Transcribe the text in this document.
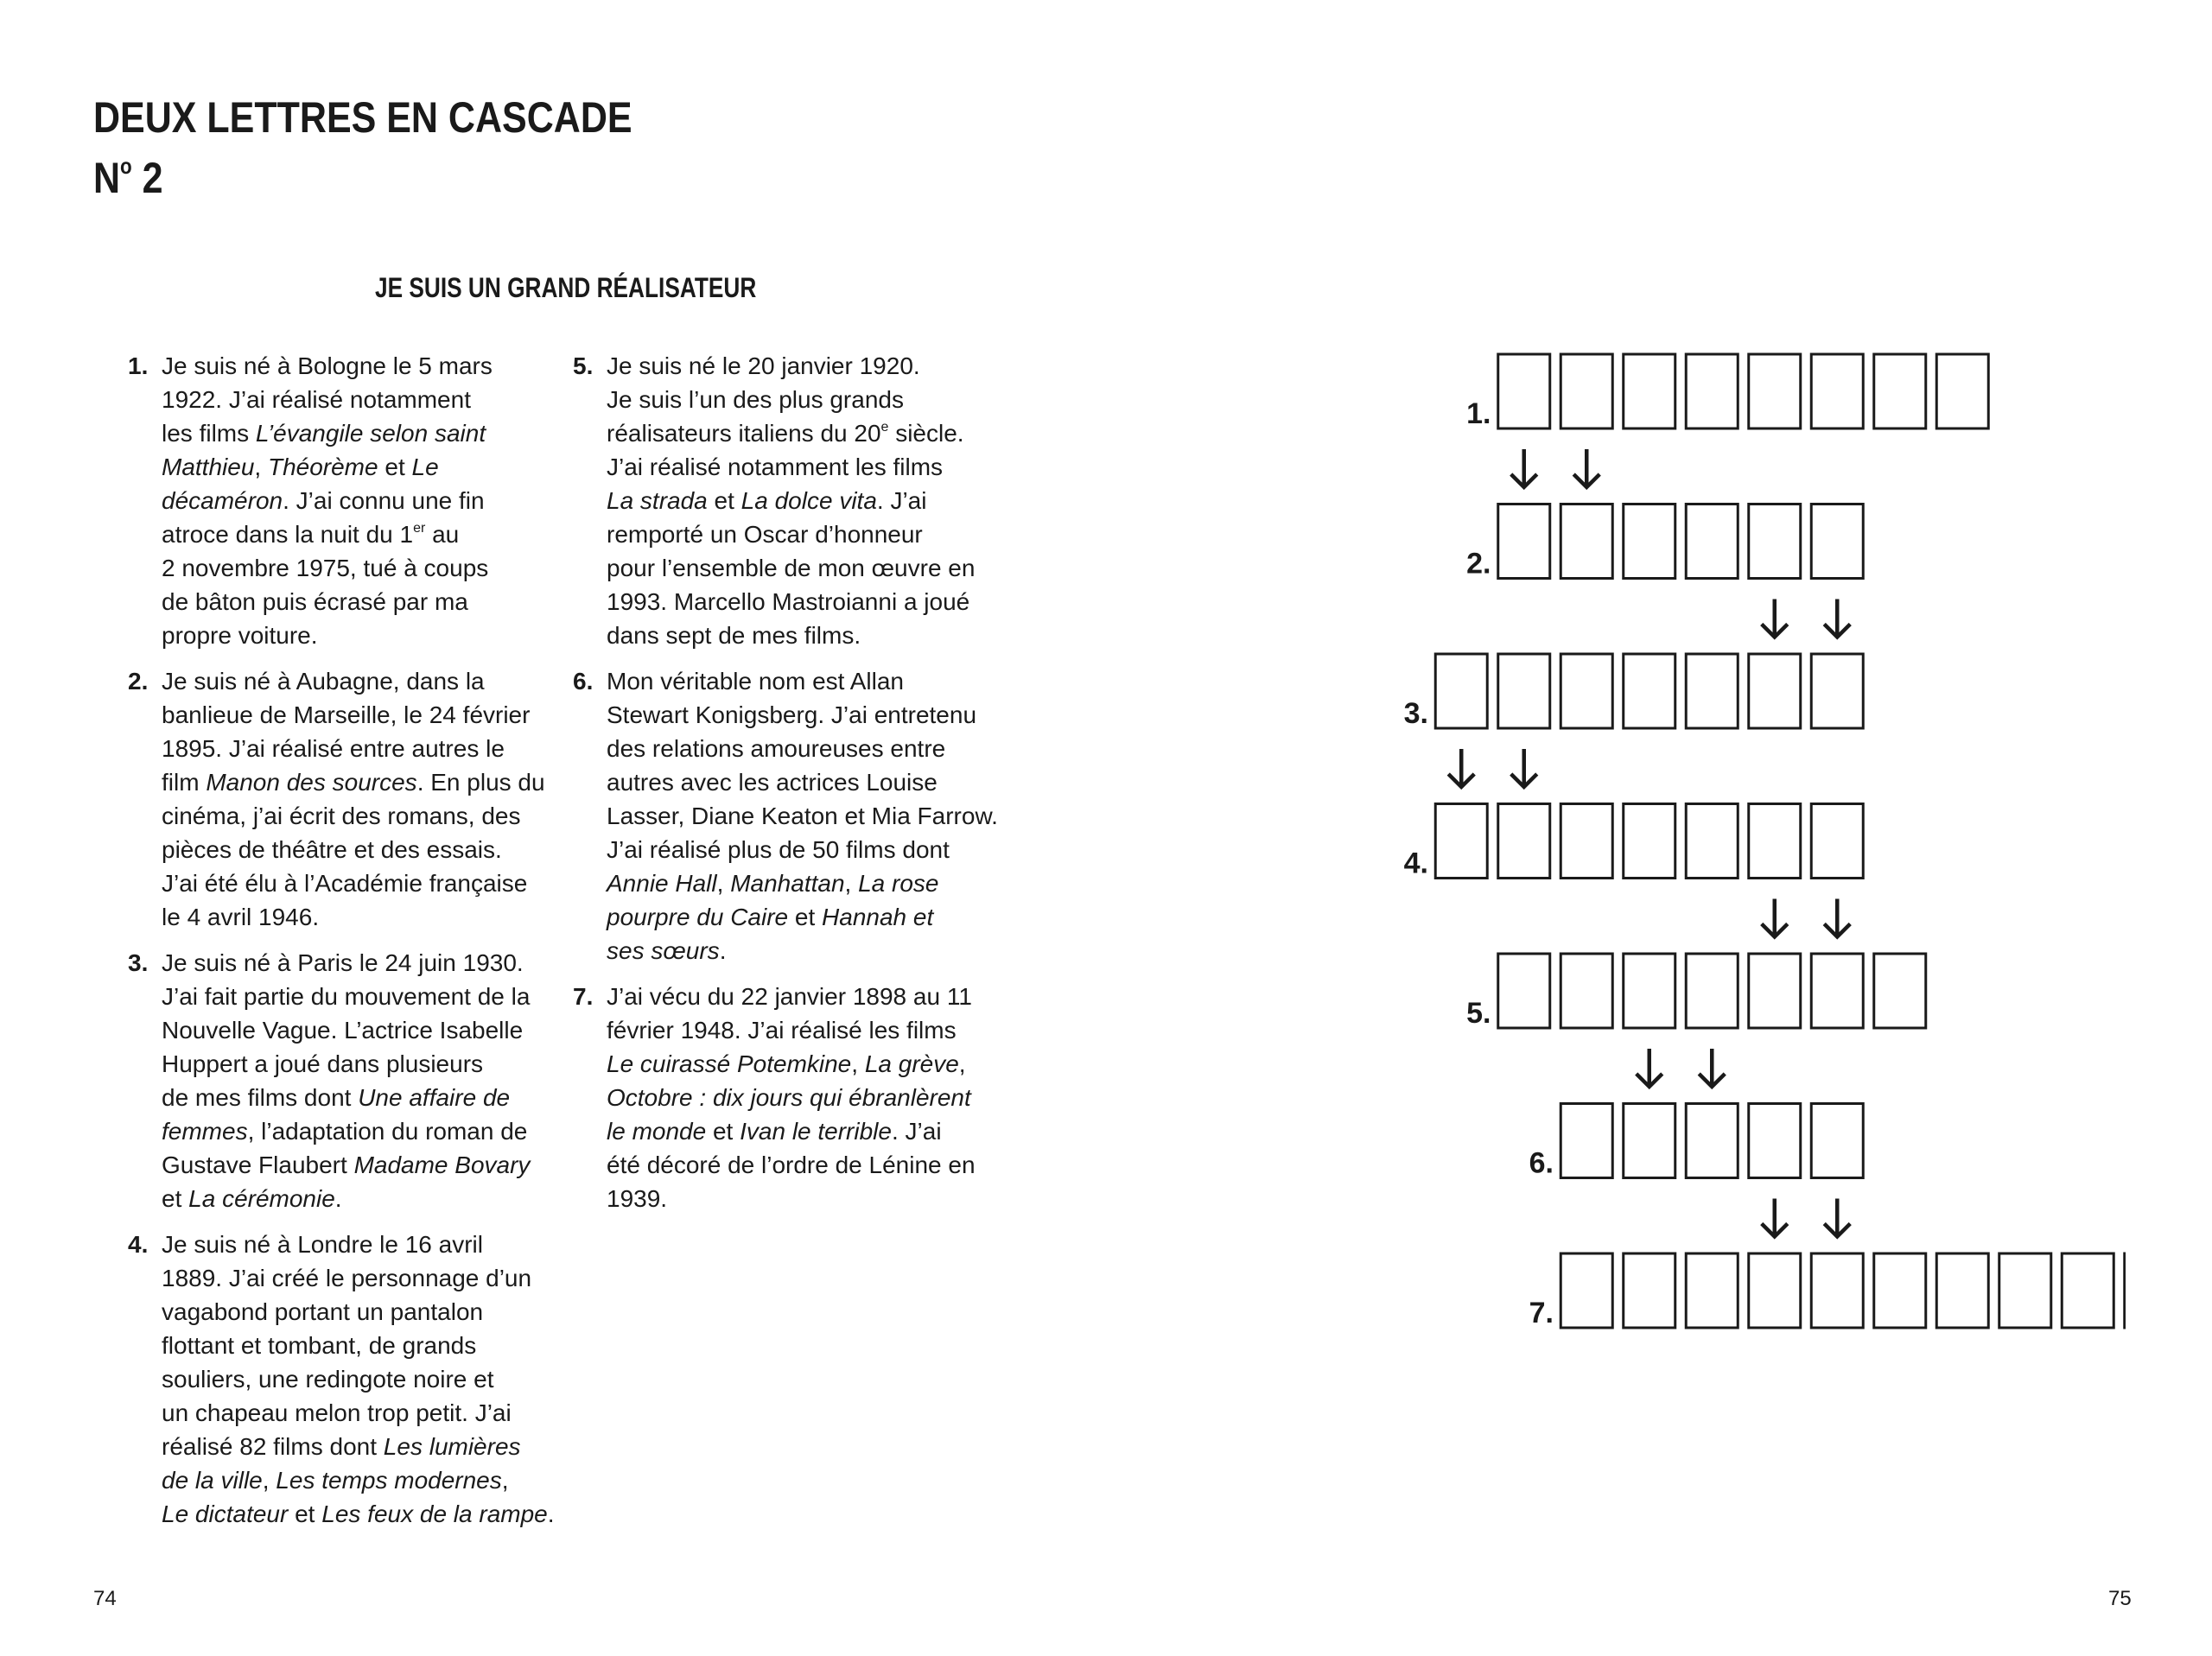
DEUX LETTRES EN CASCADE
$N^o$ 2
JE SUIS UN GRAND RÉALISATEUR
1. Je suis né à Bologne le 5 mars
1922. J’ai réalisé notamment
les films L’évangile selon saint
Matthieu, Théorème et Le
décaméron. J’ai connu une fin
atroce dans la nuit du 1er au
2 novembre 1975, tué à coups
de bâton puis écrasé par ma
propre voiture.
2. Je suis né à Aubagne, dans la
banlieue de Marseille, le 24 février
1895. J’ai réalisé entre autres le
film Manon des sources. En plus du
cinéma, j’ai écrit des romans, des
pièces de théâtre et des essais.
J’ai été élu à l’Académie française
le 4 avril 1946.
3. Je suis né à Paris le 24 juin 1930.
J’ai fait partie du mouvement de la
Nouvelle Vague. L’actrice Isabelle
Huppert a joué dans plusieurs
de mes films dont Une affaire de
femmes, l’adaptation du roman de
Gustave Flaubert Madame Bovary
et La cérémonie.
4. Je suis né à Londre le 16 avril
1889. J’ai créé le personnage d’un
vagabond portant un pantalon
flottant et tombant, de grands
souliers, une redingote noire et
un chapeau melon trop petit. J’ai
réalisé 82 films dont Les lumières
de la ville, Les temps modernes,
Le dictateur et Les feux de la rampe.
5. Je suis né le 20 janvier 1920.
Je suis l’un des plus grands
réalisateurs italiens du 20e siècle.
J’ai réalisé notamment les films
La strada et La dolce vita. J’ai
remporté un Oscar d’honneur
pour l’ensemble de mon œuvre en
1993. Marcello Mastroianni a joué
dans sept de mes films.
6. Mon véritable nom est Allan
Stewart Konigsberg. J’ai entretenu
des relations amoureuses entre
autres avec les actrices Louise
Lasser, Diane Keaton et Mia Farrow.
J’ai réalisé plus de 50 films dont
Annie Hall, Manhattan, La rose
pourpre du Caire et Hannah et
ses sœurs.
7. J’ai vécu du 22 janvier 1898 au 11
février 1948. J’ai réalisé les films
Le cuirassé Potemkine, La grève,
Octobre : dix jours qui ébranlèrent
le monde et Ivan le terrible. J’ai
été décoré de l’ordre de Lénine en
1939.
1.
2.
3.
4.
5.
6.
7.
74	75
